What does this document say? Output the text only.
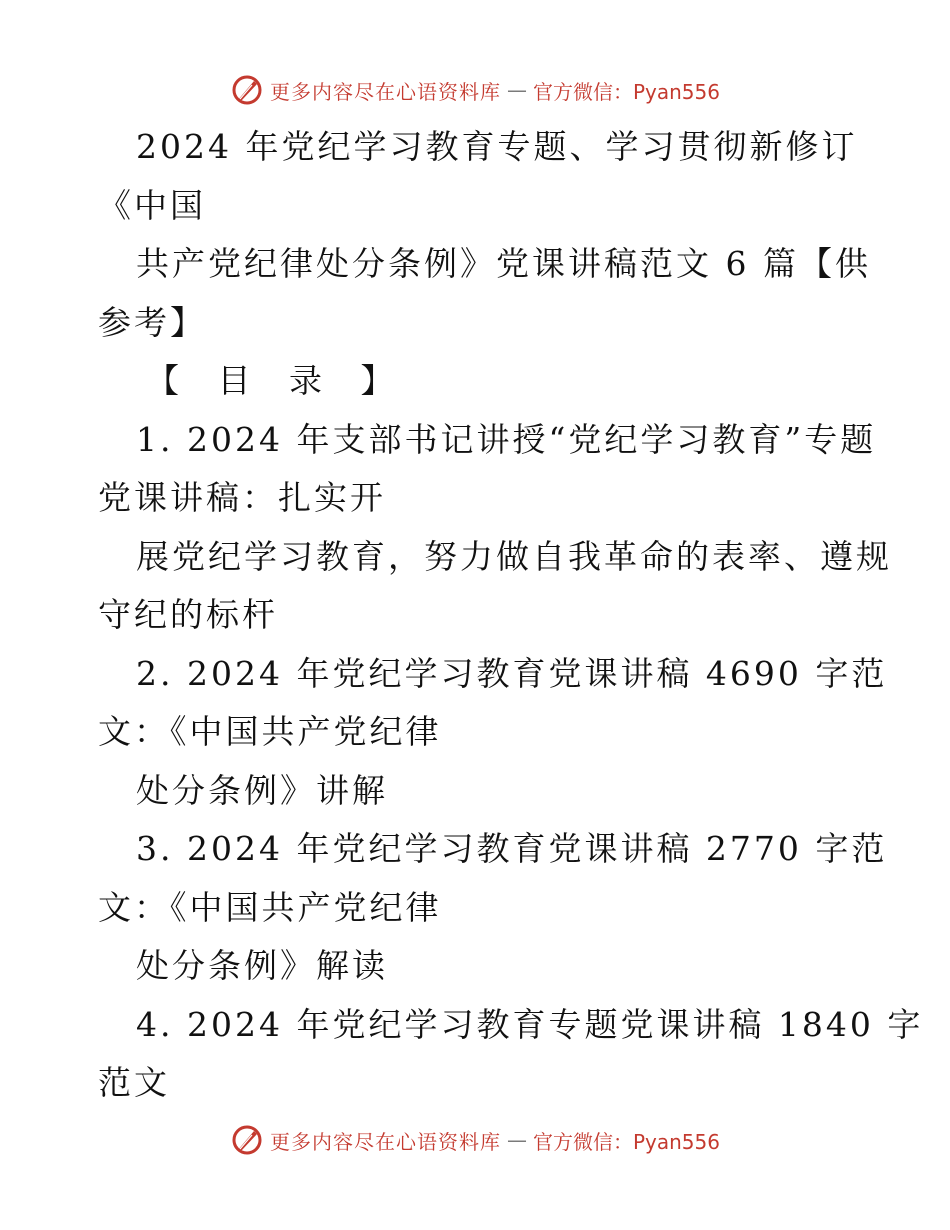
更多内容尽在心语资料库 — 官方微信：Pyan556
2024 年党纪学习教育专题、学习贯彻新修订
《中国
共产党纪律处分条例》党课讲稿范文 6 篇【供
参考】
【 目 录 】
1. 2024 年支部书记讲授“党纪学习教育”专题
党课讲稿：扎实开
展党纪学习教育，努力做自我革命的表率、遵规
守纪的标杆
2. 2024 年党纪学习教育党课讲稿 4690 字范
文：《中国共产党纪律
处分条例》讲解
3. 2024 年党纪学习教育党课讲稿 2770 字范
文：《中国共产党纪律
处分条例》解读
4. 2024 年党纪学习教育专题党课讲稿 1840 字
范文
更多内容尽在心语资料库 — 官方微信：Pyan556
